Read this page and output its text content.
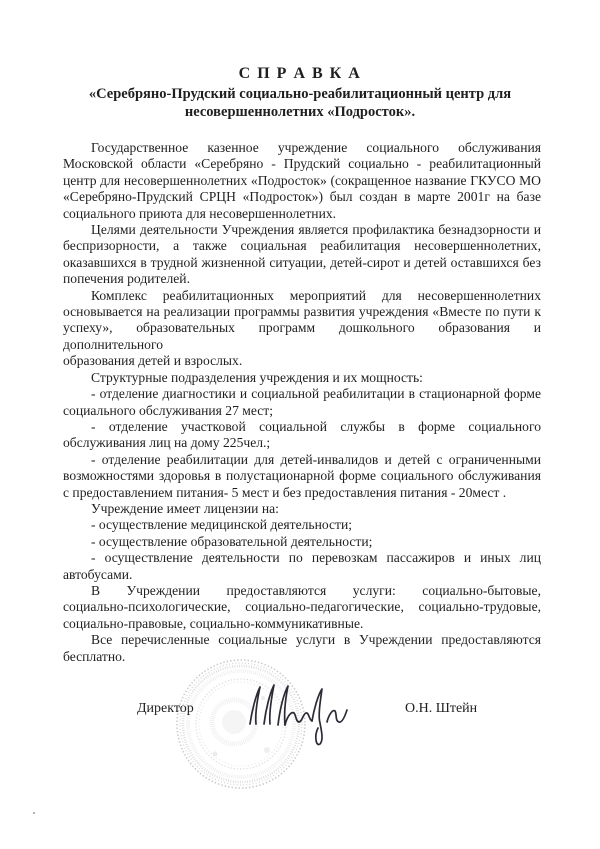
С П Р А В К А
«Серебряно-Прудский социально-реабилитационный центр для
несовершеннолетних «Подросток».
Государственное казенное учреждение социального обслуживания
Московской области «Серебряно - Прудский социально - реабилитационный
центр для несовершеннолетних «Подросток» (сокращенное название ГКУСО МО
«Серебряно-Прудский СРЦН «Подросток») был создан в марте 2001г на базе
социального приюта для несовершеннолетних.
Целями деятельности Учреждения является профилактика безнадзорности и
беспризорности, а также социальная реабилитация несовершеннолетних,
оказавшихся в трудной жизненной ситуации, детей-сирот и детей оставшихся без
попечения родителей.
Комплекс реабилитационных мероприятий для несовершеннолетних
основывается на реализации программы развития учреждения «Вместе по пути к
успеху», образовательных программ дошкольного образования и дополнительного
образования детей и взрослых.
Структурные подразделения учреждения и их мощность:
- отделение диагностики и социальной реабилитации в стационарной форме
социального обслуживания 27 мест;
- отделение участковой социальной службы в форме социального
обслуживания лиц на дому 225чел.;
- отделение реабилитации для детей-инвалидов и детей с ограниченными
возможностями здоровья в полустационарной форме социального обслуживания
с предоставлением питания- 5 мест и без предоставления питания - 20мест .
Учреждение имеет лицензии на:
- осуществление медицинской деятельности;
- осуществление образовательной деятельности;
- осуществление деятельности по перевозкам пассажиров и иных лиц
автобусами.
В Учреждении предоставляются услуги: социально-бытовые,
социально-психологические, социально-педагогические, социально-трудовые,
социально-правовые, социально-коммуникативные.
Все перечисленные социальные услуги в Учреждении предоставляются
бесплатно.
Директор	О.Н. Штейн
